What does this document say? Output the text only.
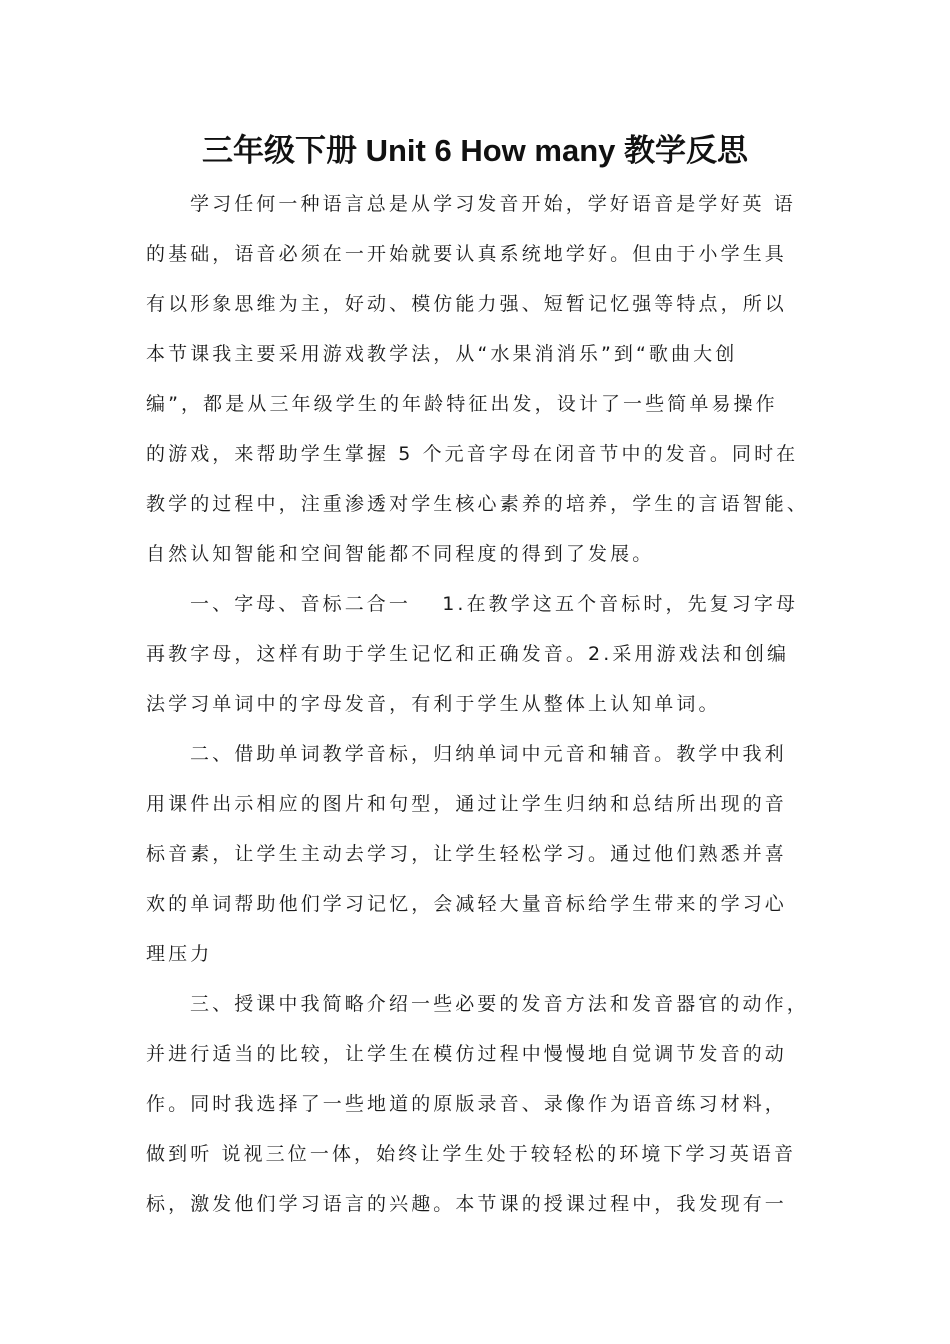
三年级下册 Unit 6 How many 教学反思
学习任何一种语言总是从学习发音开始，学好语音是学好英 语
的基础，语音必须在一开始就要认真系统地学好。但由于小学生具
有以形象思维为主，好动、模仿能力强、短暂记忆强等特点，所以
本节课我主要采用游戏教学法，从“水果消消乐”到“歌曲大创
编”，都是从三年级学生的年龄特征出发，设计了一些简单易操作
的游戏，来帮助学生掌握 5 个元音字母在闭音节中的发音。同时在
教学的过程中，注重渗透对学生核心素养的培养，学生的言语智能、
自然认知智能和空间智能都不同程度的得到了发展。
一、字母、音标二合一　 1.在教学这五个音标时，先复习字母
再教字母，这样有助于学生记忆和正确发音。2.采用游戏法和创编
法学习单词中的字母发音，有利于学生从整体上认知单词。
二、借助单词教学音标，归纳单词中元音和辅音。教学中我利
用课件出示相应的图片和句型，通过让学生归纳和总结所出现的音
标音素，让学生主动去学习，让学生轻松学习。通过他们熟悉并喜
欢的单词帮助他们学习记忆，会减轻大量音标给学生带来的学习心
理压力
三、授课中我简略介绍一些必要的发音方法和发音器官的动作，
并进行适当的比较，让学生在模仿过程中慢慢地自觉调节发音的动
作。同时我选择了一些地道的原版录音、录像作为语音练习材料，
做到听 说视三位一体，始终让学生处于较轻松的环境下学习英语音
标，激发他们学习语言的兴趣。本节课的授课过程中，我发现有一
